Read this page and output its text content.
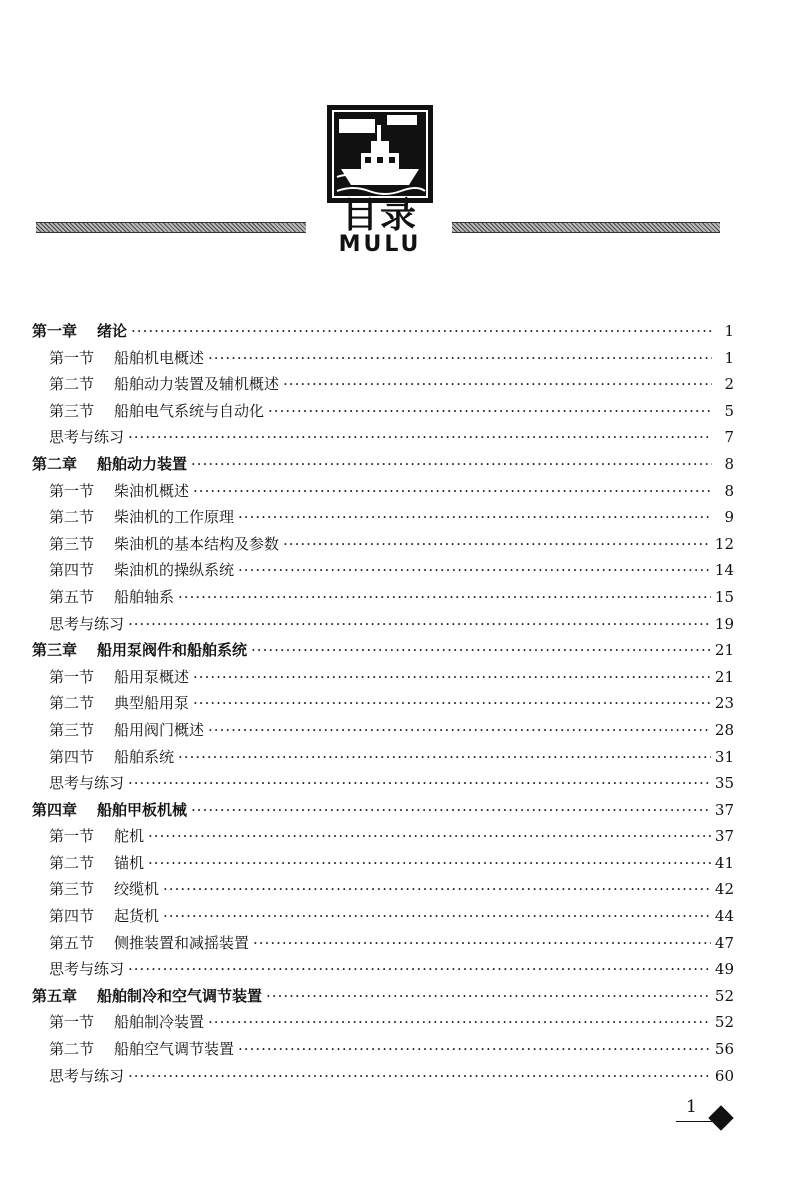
目录
MULU
第一章 绪论 ·····	1
第一节 船舶机电概述 ·····	1
第二节 船舶动力装置及辅机概述 ·····	2
第三节 船舶电气系统与自动化 ·····	5
思考与练习 ·····	7
第二章 船舶动力装置 ·····	8
第一节 柴油机概述 ·····	8
第二节 柴油机的工作原理 ·····	9
第三节 柴油机的基本结构及参数 ·····	12
第四节 柴油机的操纵系统 ·····	14
第五节 船舶轴系 ·····	15
思考与练习 ·····	19
第三章 船用泵阀件和船舶系统 ·····	21
第一节 船用泵概述 ·····	21
第二节 典型船用泵 ·····	23
第三节 船用阀门概述 ·····	28
第四节 船舶系统 ·····	31
思考与练习 ·····	35
第四章 船舶甲板机械 ·····	37
第一节 舵机 ·····	37
第二节 锚机 ·····	41
第三节 绞缆机 ·····	42
第四节 起货机 ·····	44
第五节 侧推装置和减摇装置 ·····	47
思考与练习 ·····	49
第五章 船舶制冷和空气调节装置 ·····	52
第一节 船舶制冷装置 ·····	52
第二节 船舶空气调节装置 ·····	56
思考与练习 ·····	60
1
